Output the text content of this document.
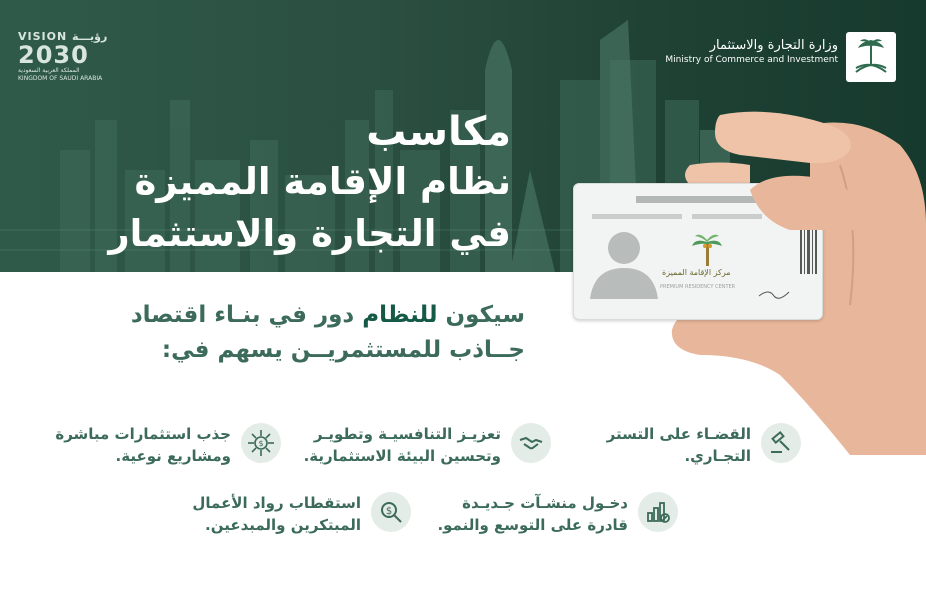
VISION رؤيـــة
2030
المملكة العربية السعودية
KINGDOM OF SAUDI ARABIA
وزارة التجارة والاستثمار
Ministry of Commerce and Investment
مكاسب
نظام الإقامة المميزة
في التجارة والاستثمار
مركز الإقامة المميزة
PREMIUM RESIDENCY CENTER
سيكون للنظام دور في بنـاء اقتصاد
جــاذب للمستثمريــن يسهم في:
القضـاء على التستر
التجـاري.
تعزيـز التنافسيـة وتطويـر
وتحسين البيئة الاستثمارية.
$
جذب استثمارات مباشرة
ومشاريع نوعية.
دخـول منشـآت جـديـدة
قادرة على التوسع والنمو.
$
استقطاب رواد الأعمال
المبتكرين والمبدعين.
